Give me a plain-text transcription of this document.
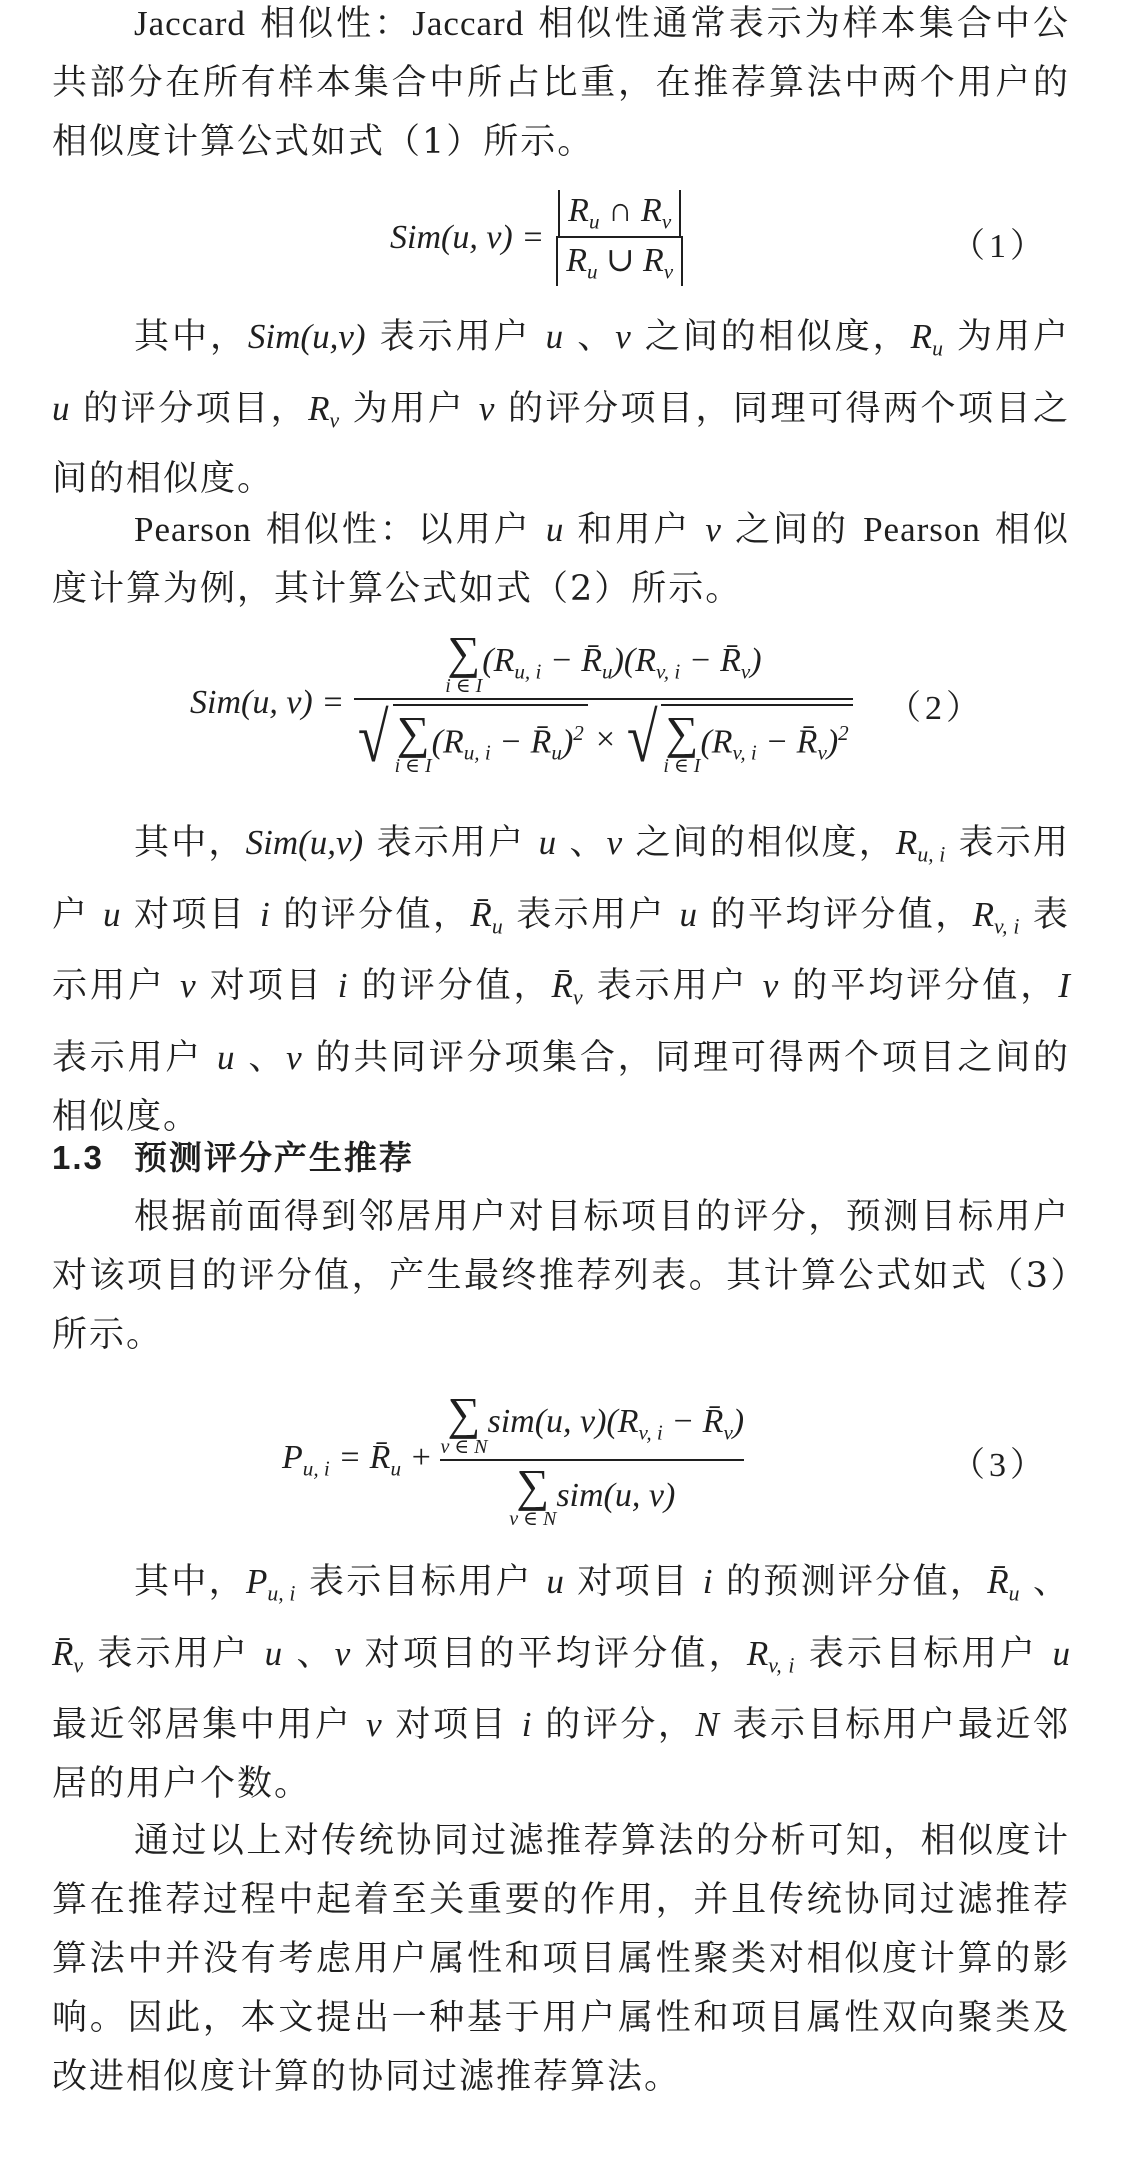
Jaccard 相似性：Jaccard 相似性通常表示为样本集合中公共部分在所有样本集合中所占比重，在推荐算法中两个用户的相似度计算公式如式（1）所示。

Sim(u, $v) = \frac{R_u \cap R_v}{R_u \cup R_v}$	（1）

其中，Sim(u,v) 表示用户 u 、v 之间的相似度，$R_u$ 为用户 u 的评分项目，$R_v$ 为用户 v 的评分项目，同理可得两个项目之间的相似度。

Pearson 相似性：以用户 u 和用户 v 之间的 Pearson 相似度计算为例，其计算公式如式（2）所示。

Sim(u, v) =
∑
i ∈ I
($R_{u, i}$ − $R̄_u)(R_{v, i}$ − $R̄_v$)
√ ∑
i ∈ I
($R_{u, i}$ − $R̄_u)^2$ × √ ∑
i ∈ I
($R_{v, i}$ − $R̄_v)^2$
（2）

其中，Sim(u,v) 表示用户 u 、v 之间的相似度，$R_{u, i}$ 表示用户 u 对项目 i 的评分值，$R̄_u$ 表示用户 u 的平均评分值，$R_{v, i}$ 表示用户 v 对项目 i 的评分值，$R̄_v$ 表示用户 v 的平均评分值，I 表示用户 u 、v 的共同评分项集合，同理可得两个项目之间的相似度。

1.3 预测评分产生推荐

根据前面得到邻居用户对目标项目的评分，预测目标用户对该项目的评分值，产生最终推荐列表。其计算公式如式（3）所示。

$P_{u, i}$ = $R̄_u$ + ∑
v ∈ N
sim(u, $v)(R_{v, i}$ − $R̄_v$)
∑
v ∈ N
sim(u, v)	（3）

其中，$P_{u, i}$ 表示目标用户 u 对项目 i 的预测评分值，$R̄_u$ 、$R̄_v$ 表示用户 u 、v 对项目的平均评分值，$R_{v, i}$ 表示目标用户 u 最近邻居集中用户 v 对项目 i 的评分，N 表示目标用户最近邻居的用户个数。

通过以上对传统协同过滤推荐算法的分析可知，相似度计算在推荐过程中起着至关重要的作用，并且传统协同过滤推荐算法中并没有考虑用户属性和项目属性聚类对相似度计算的影响。因此，本文提出一种基于用户属性和项目属性双向聚类及改进相似度计算的协同过滤推荐算法。
